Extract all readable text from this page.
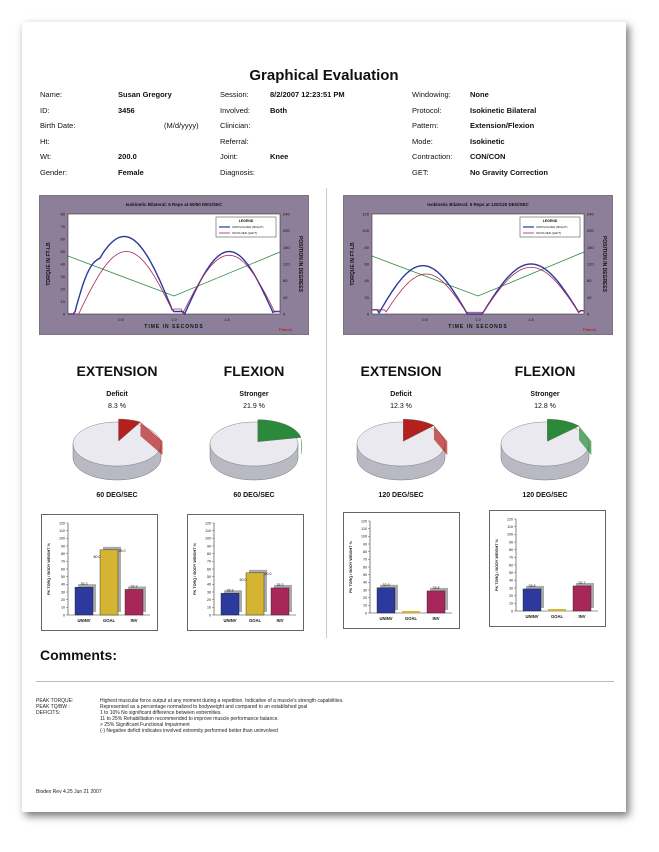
Graphical Evaluation
Name:	Susan Gregory
ID:	3456
Birth Date:	(M/d/yyyy)
Ht:
Wt:	200.0
Gender:	Female
Session:	8/2/2007 12:23:51 PM
Involved:	Both
Clinician:
Referral:
Joint:	Knee
Diagnosis:
Windowing:	None
Protocol:	Isokinetic Bilateral
Pattern:	Extension/Flexion
Mode:	Isokinetic
Contraction: CON/CON
GET:	No Gravity Correction
Isokinetic Bilateral: 5 Reps at 60/60 DEG/SEC
80
70
60
50
40
30
20
10
0
240
200
160
120
80
40
0
0.5	1.0	1.5
TIME IN SECONDS
TORQUE IN FT-LB	POSITION IN DEGREES
Filtered
LEGEND
UNINVOLVED (RIGHT)
INVOLVED (LEFT)
Isokinetic Bilateral: 5 Reps at 120/120 DEG/SEC
120
100
80
60
40
20
0
240
200
160
120
80
40
0
0.5	1.0	1.5
TIME IN SECONDS
TORQUE IN FT-LB	POSITION IN DEGREES
Filtered
LEGEND
UNINVOLVED (RIGHT)
INVOLVED (LEFT)
EXTENSION
Deficit
8.3 %
60 DEG/SEC
FLEXION
Stronger
21.9 %
60 DEG/SEC
EXTENSION
Deficit
12.3 %
120 DEG/SEC
FLEXION
Stronger
12.8 %
120 DEG/SEC
120
110
100
90
80
70
60
50
40
30
20
10
0
PK TORQ / BODY WEIGHT %
UNINV	GOAL	INV
36.3
80.0
95.0
33.3
120
110
100
90
80
70
60
50
40
30
20
10
0
PK TORQ / BODY WEIGHT %
UNINV	GOAL	INV
28.3
50.0
60.0
35.3
120
110
100
90
80
70
60
50
40
30
20
10
0
PK TORQ / BODY WEIGHT %
UNINV	GOAL	INV
32.9
28.8
120
110
100
90
80
70
60
50
40
30
20
10
0
PK TORQ / BODY WEIGHT %
UNINV	GOAL	INV
28.8
32.7
Comments:
PEAK TORQUE:	Highest muscular force output at any moment during a repetition. Indicative of a muscle's strength capabilities.
PEAK TQ/BW :	Represented as a percentage normalized to bodyweight and compared to an established goal
DEFICITS:	1 to 10% No significant difference between extremities.
11 to 25% Rehabilitation recommended to improve muscle performance balance.
> 25% Significant Functional Impairment
(-) Negative deficit indicates involved extremity performed better than uninvolved
Biodex Rev 4.25 Jun 21 2007
